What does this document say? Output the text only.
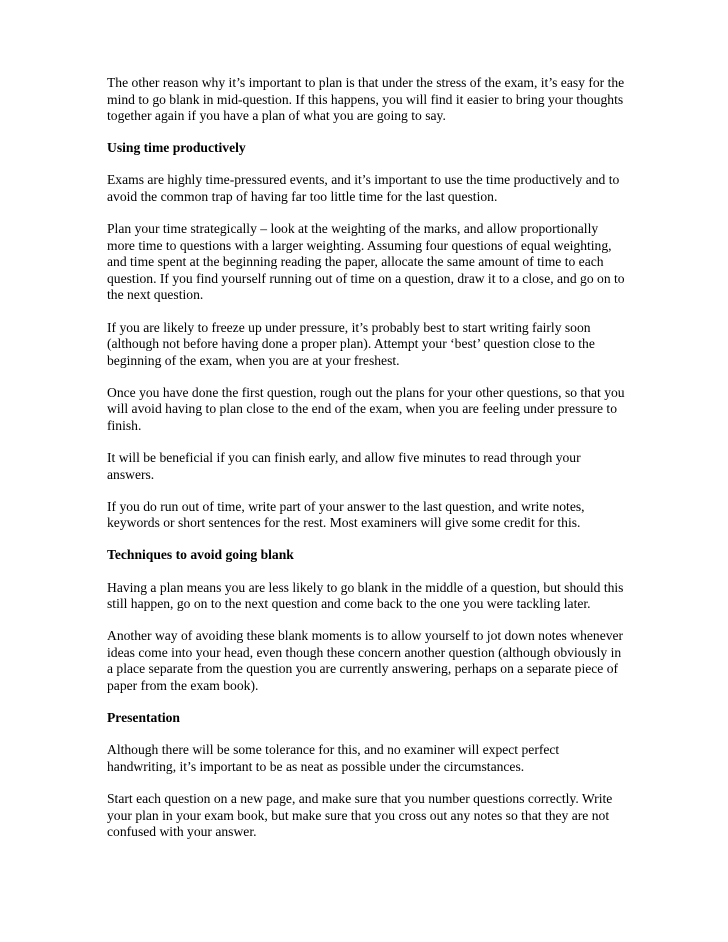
The other reason why it’s important to plan is that under the stress of the exam, it’s easy for the mind to go blank in mid-question. If this happens, you will find it easier to bring your thoughts together again if you have a plan of what you are going to say.

Using time productively

Exams are highly time-pressured events, and it’s important to use the time productively and to avoid the common trap of having far too little time for the last question.

Plan your time strategically – look at the weighting of the marks, and allow proportionally more time to questions with a larger weighting. Assuming four questions of equal weighting, and time spent at the beginning reading the paper, allocate the same amount of time to each question. If you find yourself running out of time on a question, draw it to a close, and go on to the next question.

If you are likely to freeze up under pressure, it’s probably best to start writing fairly soon (although not before having done a proper plan). Attempt your ‘best’ question close to the beginning of the exam, when you are at your freshest.

Once you have done the first question, rough out the plans for your other questions, so that you will avoid having to plan close to the end of the exam, when you are feeling under pressure to finish.

It will be beneficial if you can finish early, and allow five minutes to read through your answers.

If you do run out of time, write part of your answer to the last question, and write notes, keywords or short sentences for the rest. Most examiners will give some credit for this.

Techniques to avoid going blank

Having a plan means you are less likely to go blank in the middle of a question, but should this still happen, go on to the next question and come back to the one you were tackling later.

Another way of avoiding these blank moments is to allow yourself to jot down notes whenever ideas come into your head, even though these concern another question (although obviously in a place separate from the question you are currently answering, perhaps on a separate piece of paper from the exam book).

Presentation

Although there will be some tolerance for this, and no examiner will expect perfect handwriting, it’s important to be as neat as possible under the circumstances.

Start each question on a new page, and make sure that you number questions correctly. Write your plan in your exam book, but make sure that you cross out any notes so that they are not confused with your answer.
